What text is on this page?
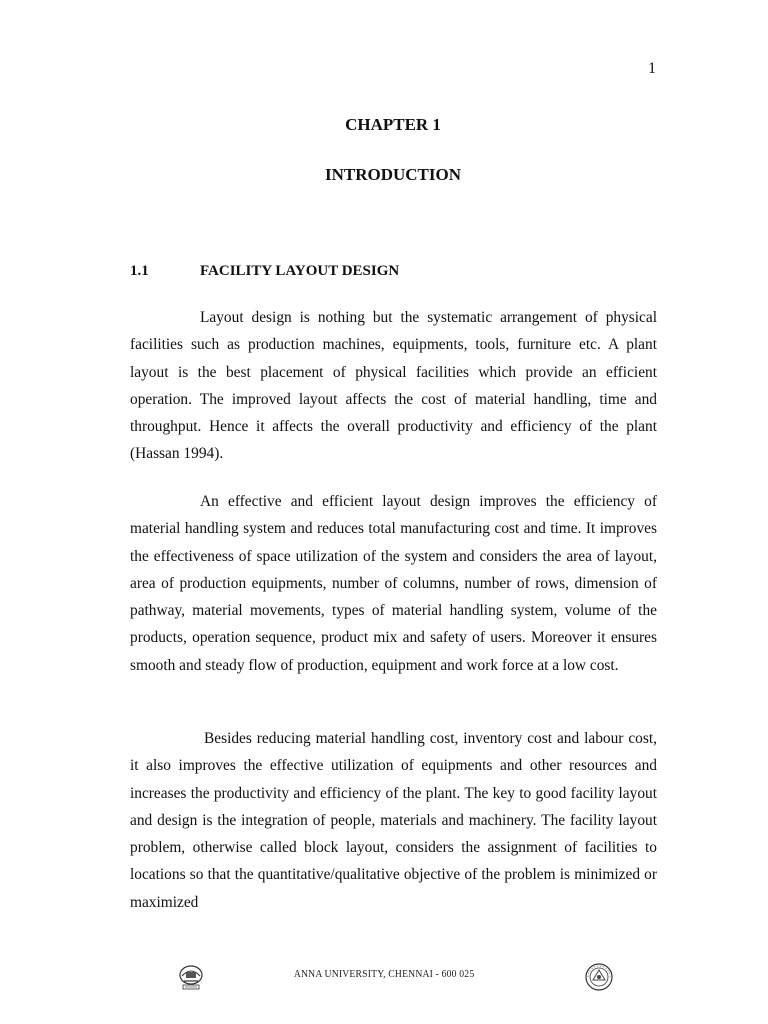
1
CHAPTER 1
INTRODUCTION
1.1	FACILITY LAYOUT DESIGN

Layout design is nothing but the systematic arrangement of physical facilities such as production machines, equipments, tools, furniture etc. A plant layout is the best placement of physical facilities which provide an efficient operation. The improved layout affects the cost of material handling, time and throughput. Hence it affects the overall productivity and efficiency of the plant (Hassan 1994).

An effective and efficient layout design improves the efficiency of material handling system and reduces total manufacturing cost and time. It improves the effectiveness of space utilization of the system and considers the area of layout, area of production equipments, number of columns, number of rows, dimension of pathway, material movements, types of material handling system, volume of the products, operation sequence, product mix and safety of users. Moreover it ensures smooth and steady flow of production, equipment and work force at a low cost.

Besides reducing material handling cost, inventory cost and labour cost, it also improves the effective utilization of equipments and other resources and increases the productivity and efficiency of the plant. The key to good facility layout and design is the integration of people, materials and machinery. The facility layout problem, otherwise called block layout, considers the assignment of facilities to locations so that the quantitative/qualitative objective of the problem is minimized or maximized

ANNA UNIVERSITY, CHENNAI - 600 025
